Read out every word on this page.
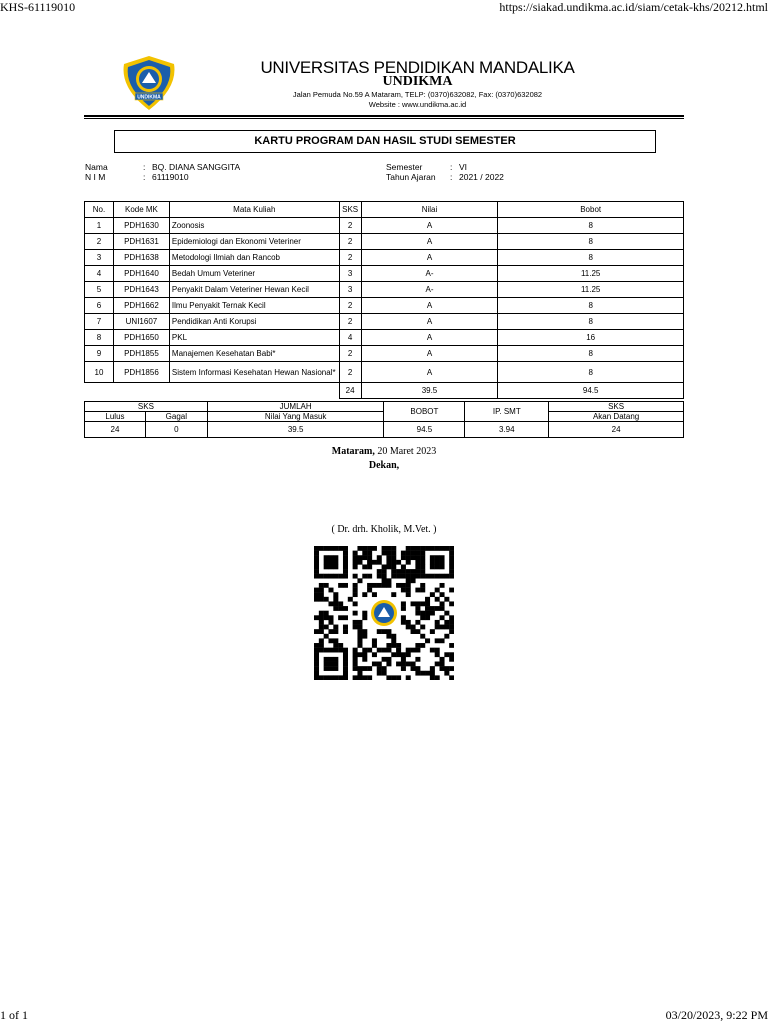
KHS-61119010	https://siakad.undikma.ac.id/siam/cetak-khs/20212.html
UNDIKMA
UNIVERSITAS PENDIDIKAN MANDALIKA
UNDIKMA
Jalan Pemuda No.59 A Mataram, TELP: (0370)632082, Fax: (0370)632082
Website : www.undikma.ac.id
KARTU PROGRAM DAN HASIL STUDI SEMESTER
Nama	: BQ. DIANA SANGGITA
N I M	: 61119010
Semester	: VI
Tahun Ajaran : 2021 / 2022
No.	Kode MK	Mata Kuliah	SKS	Nilai	Bobot
1	PDH1630	Zoonosis	2	A	8
2	PDH1631	Epidemiologi dan Ekonomi Veteriner	2	A	8
3	PDH1638	Metodologi Ilmiah dan Rancob	2	A	8
4	PDH1640	Bedah Umum Veteriner	3	A-	11.25
5	PDH1643	Penyakit Dalam Veteriner Hewan Kecil	3	A-	11.25
6	PDH1662	Ilmu Penyakit Ternak Kecil	2	A	8
7	UNI1607	Pendidikan Anti Korupsi	2	A	8
8	PDH1650	PKL	4	A	16
9	PDH1855	Manajemen Kesehatan Babi*	2	A	8
10	PDH1856	Sistem Informasi Kesehatan Hewan Nasional*	2	A	8
			24	39.5	94.5
SKS		JUMLAH	BOBOT	IP. SMT	SKS
Lulus	Gagal	Nilai Yang Masuk			Akan Datang
24	0	39.5	94.5	3.94	24
Mataram, 20 Maret 2023
Dekan,
( Dr. drh. Kholik, M.Vet. )
1 of 1	03/20/2023, 9:22 PM
